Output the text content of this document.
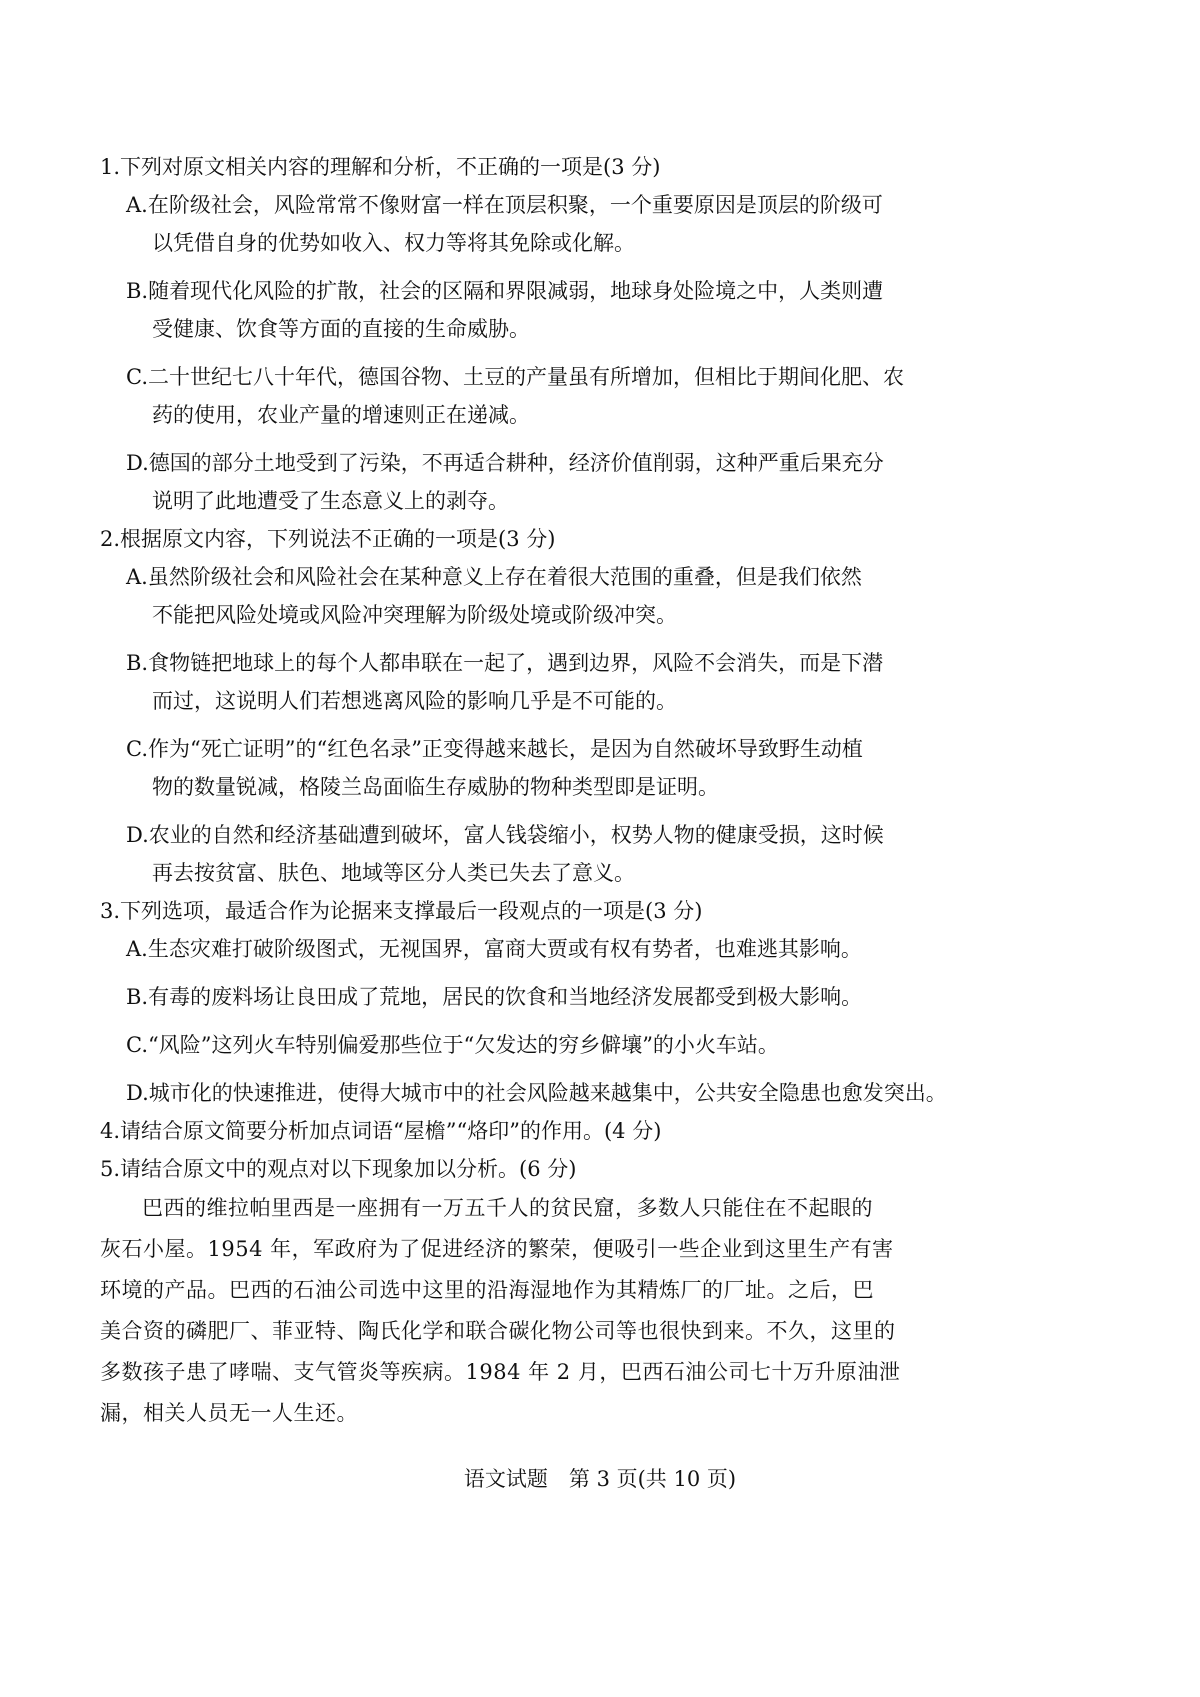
1.下列对原文相关内容的理解和分析，不正确的一项是(3 分)

A.在阶级社会，风险常常不像财富一样在顶层积聚，一个重要原因是顶层的阶级可

以凭借自身的优势如收入、权力等将其免除或化解。

B.随着现代化风险的扩散，社会的区隔和界限减弱，地球身处险境之中，人类则遭

受健康、饮食等方面的直接的生命威胁。

C.二十世纪七八十年代，德国谷物、土豆的产量虽有所增加，但相比于期间化肥、农

药的使用，农业产量的增速则正在递减。

D.德国的部分土地受到了污染，不再适合耕种，经济价值削弱，这种严重后果充分

说明了此地遭受了生态意义上的剥夺。

2.根据原文内容，下列说法不正确的一项是(3 分)

A.虽然阶级社会和风险社会在某种意义上存在着很大范围的重叠，但是我们依然

不能把风险处境或风险冲突理解为阶级处境或阶级冲突。

B.食物链把地球上的每个人都串联在一起了，遇到边界，风险不会消失，而是下潜

而过，这说明人们若想逃离风险的影响几乎是不可能的。

C.作为“死亡证明”的“红色名录”正变得越来越长，是因为自然破坏导致野生动植

物的数量锐减，格陵兰岛面临生存威胁的物种类型即是证明。

D.农业的自然和经济基础遭到破坏，富人钱袋缩小，权势人物的健康受损，这时候

再去按贫富、肤色、地域等区分人类已失去了意义。

3.下列选项，最适合作为论据来支撑最后一段观点的一项是(3 分)

A.生态灾难打破阶级图式，无视国界，富商大贾或有权有势者，也难逃其影响。

B.有毒的废料场让良田成了荒地，居民的饮食和当地经济发展都受到极大影响。

C.“风险”这列火车特别偏爱那些位于“欠发达的穷乡僻壤”的小火车站。

D.城市化的快速推进，使得大城市中的社会风险越来越集中，公共安全隐患也愈发突出。

4.请结合原文简要分析加点词语“屋檐”“烙印”的作用。(4 分)

5.请结合原文中的观点对以下现象加以分析。(6 分)

巴西的维拉帕里西是一座拥有一万五千人的贫民窟，多数人只能住在不起眼的

灰石小屋。1954 年，军政府为了促进经济的繁荣，便吸引一些企业到这里生产有害

环境的产品。巴西的石油公司选中这里的沿海湿地作为其精炼厂的厂址。之后，巴

美合资的磷肥厂、菲亚特、陶氏化学和联合碳化物公司等也很快到来。不久，这里的

多数孩子患了哮喘、支气管炎等疾病。1984 年 2 月，巴西石油公司七十万升原油泄

漏，相关人员无一人生还。

语文试题　第 3 页(共 10 页)
